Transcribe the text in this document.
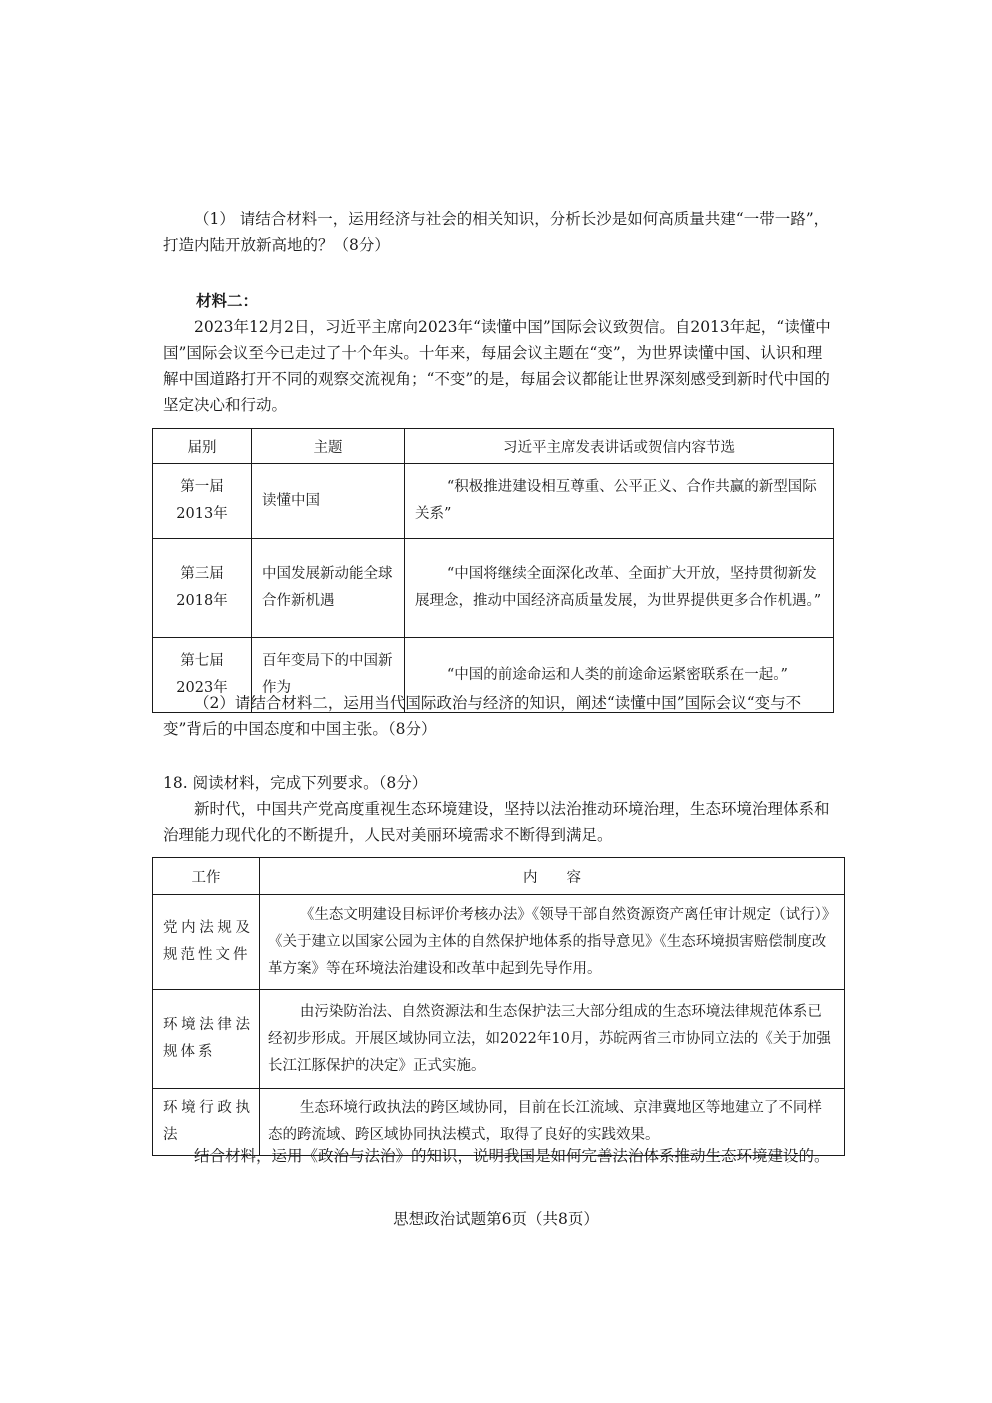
（1） 请结合材料一，运用经济与社会的相关知识，分析长沙是如何高质量共建“一带一路”，打造内陆开放新高地的？（8分）
材料二：
2023年12月2日，习近平主席向2023年“读懂中国”国际会议致贺信。自2013年起，“读懂中国”国际会议至今已走过了十个年头。十年来，每届会议主题在“变”，为世界读懂中国、认识和理解中国道路打开不同的观察交流视角；“不变”的是，每届会议都能让世界深刻感受到新时代中国的坚定决心和行动。
届别	主题	习近平主席发表讲话或贺信内容节选

第一届
2013年	读懂中国	“积极推进建设相互尊重、公平正义、合作共赢的新型国际关系”

第三届
2018年	中国发展新动能全球合作新机遇	“中国将继续全面深化改革、全面扩大开放，坚持贯彻新发展理念，推动中国经济高质量发展，为世界提供更多合作机遇。”

第七届
2023年	百年变局下的中国新作为	“中国的前途命运和人类的前途命运紧密联系在一起。”
（2）请结合材料二，运用当代国际政治与经济的知识，阐述“读懂中国”国际会议“变与不变”背后的中国态度和中国主张。（8分）
18. 阅读材料，完成下列要求。（8分）
新时代，中国共产党高度重视生态环境建设，坚持以法治推动环境治理，生态环境治理体系和治理能力现代化的不断提升，人民对美丽环境需求不断得到满足。
工作	内　　容
党内法规及规范性文件	《生态文明建设目标评价考核办法》《领导干部自然资源资产离任审计规定（试行）》《关于建立以国家公园为主体的自然保护地体系的指导意见》《生态环境损害赔偿制度改革方案》等在环境法治建设和改革中起到先导作用。
环境法律法规体系	由污染防治法、自然资源法和生态保护法三大部分组成的生态环境法律规范体系已经初步形成。开展区域协同立法，如2022年10月，苏皖两省三市协同立法的《关于加强长江江豚保护的决定》正式实施。
环境行政执法	生态环境行政执法的跨区域协同，目前在长江流域、京津冀地区等地建立了不同样态的跨流域、跨区域协同执法模式，取得了良好的实践效果。
结合材料，运用《政治与法治》的知识，说明我国是如何完善法治体系推动生态环境建设的。
思想政治试题第6页（共8页）
